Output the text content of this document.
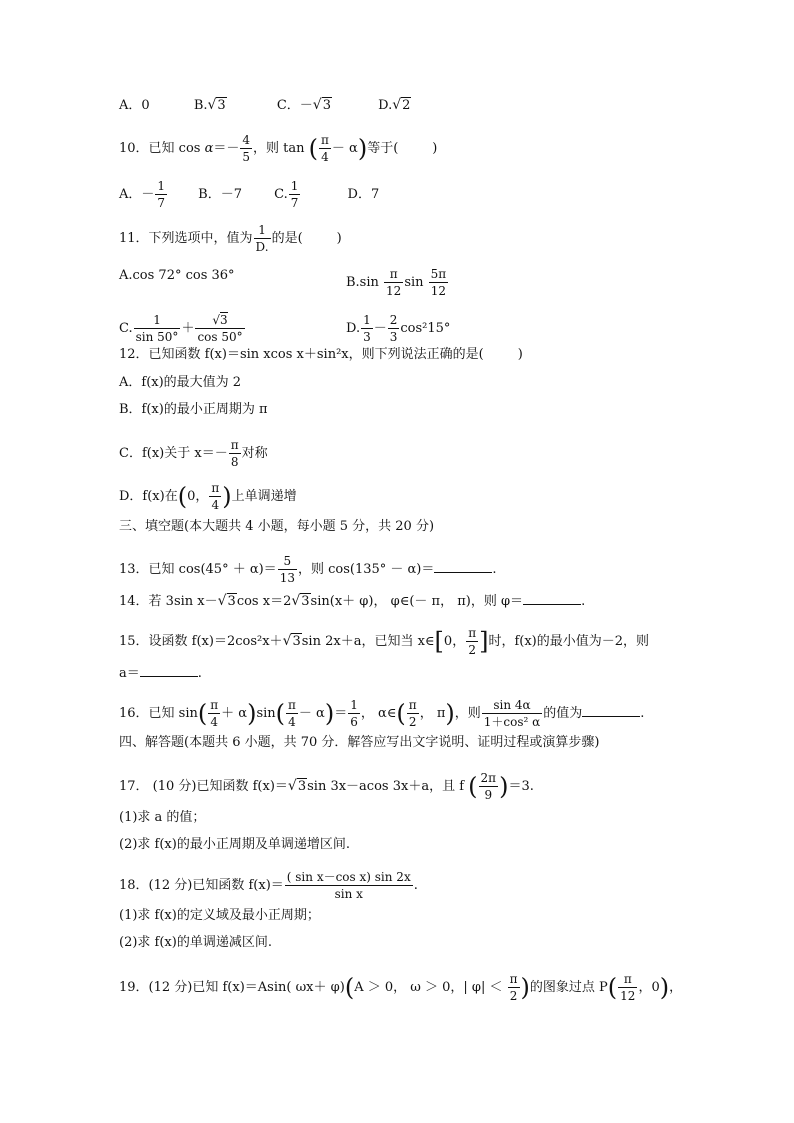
A．0	B.√3	C．－√3	D.√2
10．已知 $\cos \alpha=- \frac{4}{5}$ ，则 tan ( $\frac{\pi}{4} - \alpha$)等于(	)
A．－ $\frac{1}{7}$ B．－7 C. $\frac{1}{7}$	D．7
11．下列选项中，值为 $\frac{1}{D.}$ 的是(	)
A.cos 72° cos 36°	$B.\sin \frac{\pi}{12}$ $\sin \frac{5\pi}{12}$
C. $\frac{1}{\sin 50^\circ} + \frac{√3}{\cos 50^\circ}$	D. $\frac{1}{3} - \frac{2}{3} \cos^215^\circ$
12．已知函数 f(x)＝sin xcos x＋sin²x，则下列说法正确的是(	)
A．f(x)的最大值为 2
B．f(x)的最小正周期为 π
C．f(x)关于 $x=- \frac{\pi}{8}$ 对称
D．f(x)在(0， $\frac{\pi}{4}$ )上单调递增
三、填空题(本大题共 4 小题，每小题 5 分，共 20 分)
13．已知 $\cos(45^\circ + \alpha)= \frac{5}{13}$ ，则 cos(135° － α)＝	.
14．若 3sin x－√3cos x＝2√3sin(x＋ φ)， φ∈(－ π， π)，则 φ＝	.
15．设函数 f(x)＝2cos²x＋√3sin 2x＋a，已知当 x∈[0， $\frac{\pi}{2}$ ]时，f(x)的最小值为－2，则
a＝	.
16．已知 $\sin( \frac{\pi}{4} + \alpha)\sin( \frac{\pi}{4} - \alpha)= \frac{1}{6}$ ， α∈( $\frac{\pi}{2}$ ， π)，则 $\frac{\sin 4\alpha}{\text{1＋cos² α}}$ 的值为	.
四、解答题(本题共 6 小题，共 70 分．解答应写出文字说明、证明过程或演算步骤)
17． (10 分)已知函数 f(x)＝√3sin 3x－acos 3x＋a，且 f ( $\frac{2\pi}{9} )=3$.
(1)求 a 的值；
(2)求 f(x)的最小正周期及单调递增区间.
18．(12 分)已知函数 $f(x)= \frac{\text{( sin x－cos x) sin 2x}}{\text{sin x}}$ .
(1)求 f(x)的定义域及最小正周期；
(2)求 f(x)的单调递减区间.
19．(12 分)已知 f(x)＝Asin( ωx＋ φ)(A ＞ 0， ω ＞ 0，| $\varphi| < \frac{\pi}{2}$ )的图象过点 $P( \frac{\pi}{12}$ ，0)，
